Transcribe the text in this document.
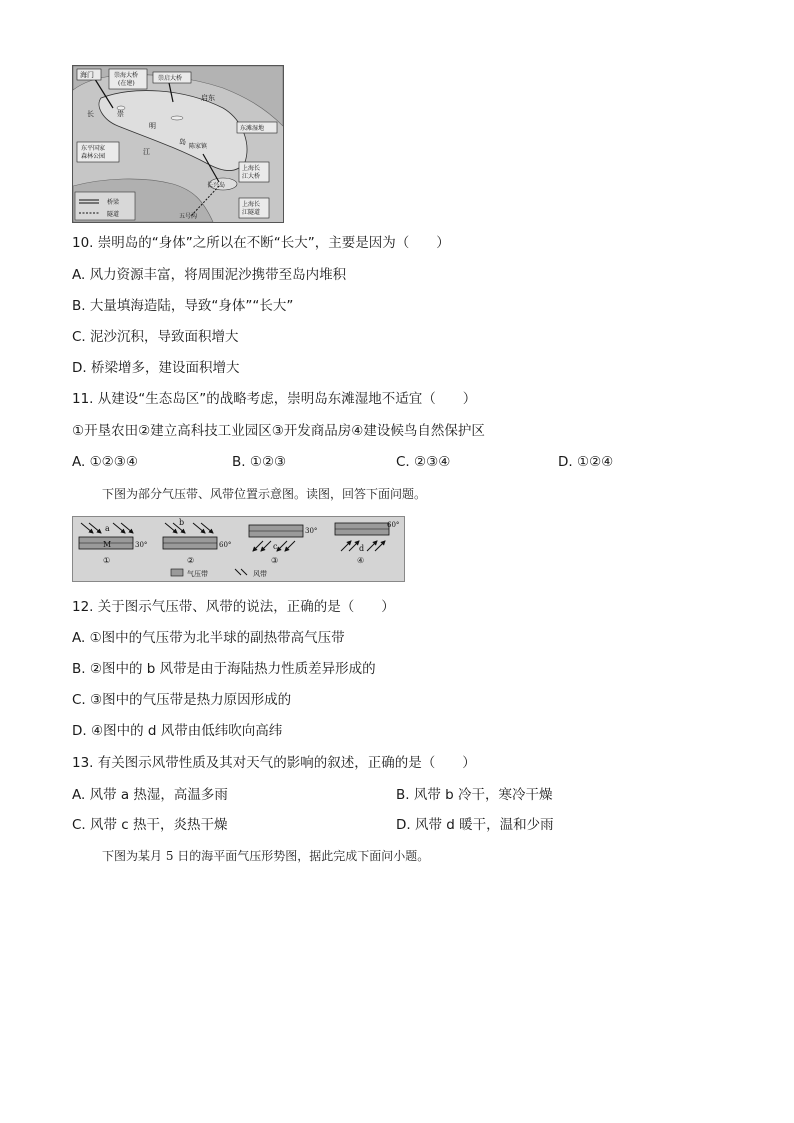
海门	崇海大桥
(在建)
崇启大桥
启东
长	崇
明
岛
江
东平国家
森林公园
东滩湿地
陈家镇
上海长
江大桥
长兴岛
上海长
江隧道
五号沟
桥梁
隧道
10. 崇明岛的“身体”之所以在不断“长大”，主要是因为（　　）
A. 风力资源丰富，将周围泥沙携带至岛内堆积
B. 大量填海造陆，导致“身体”“长大”
C. 泥沙沉积，导致面积增大
D. 桥梁增多，建设面积增大
11. 从建设“生态岛区”的战略考虑，崇明岛东滩湿地不适宜（　　）
①开垦农田②建立高科技工业园区③开发商品房④建设候鸟自然保护区
A. ①②③④	B. ①②③	C. ②③④	D. ①②④
下图为部分气压带、风带位置示意图。读图，回答下面问题。
a
M	30°
①
b
60°
②
30°
c
③
60°
d
④
气压带	风带
12. 关于图示气压带、风带的说法，正确的是（　　）
A. ①图中的气压带为北半球的副热带高气压带
B. ②图中的 b 风带是由于海陆热力性质差异形成的
C. ③图中的气压带是热力原因形成的
D. ④图中的 d 风带由低纬吹向高纬
13. 有关图示风带性质及其对天气的影响的叙述，正确的是（　　）
A. 风带 a 热湿，高温多雨	B. 风带 b 冷干，寒冷干燥
C. 风带 c 热干，炎热干燥	D. 风带 d 暖干，温和少雨
下图为某月 5 日的海平面气压形势图，据此完成下面问小题。
